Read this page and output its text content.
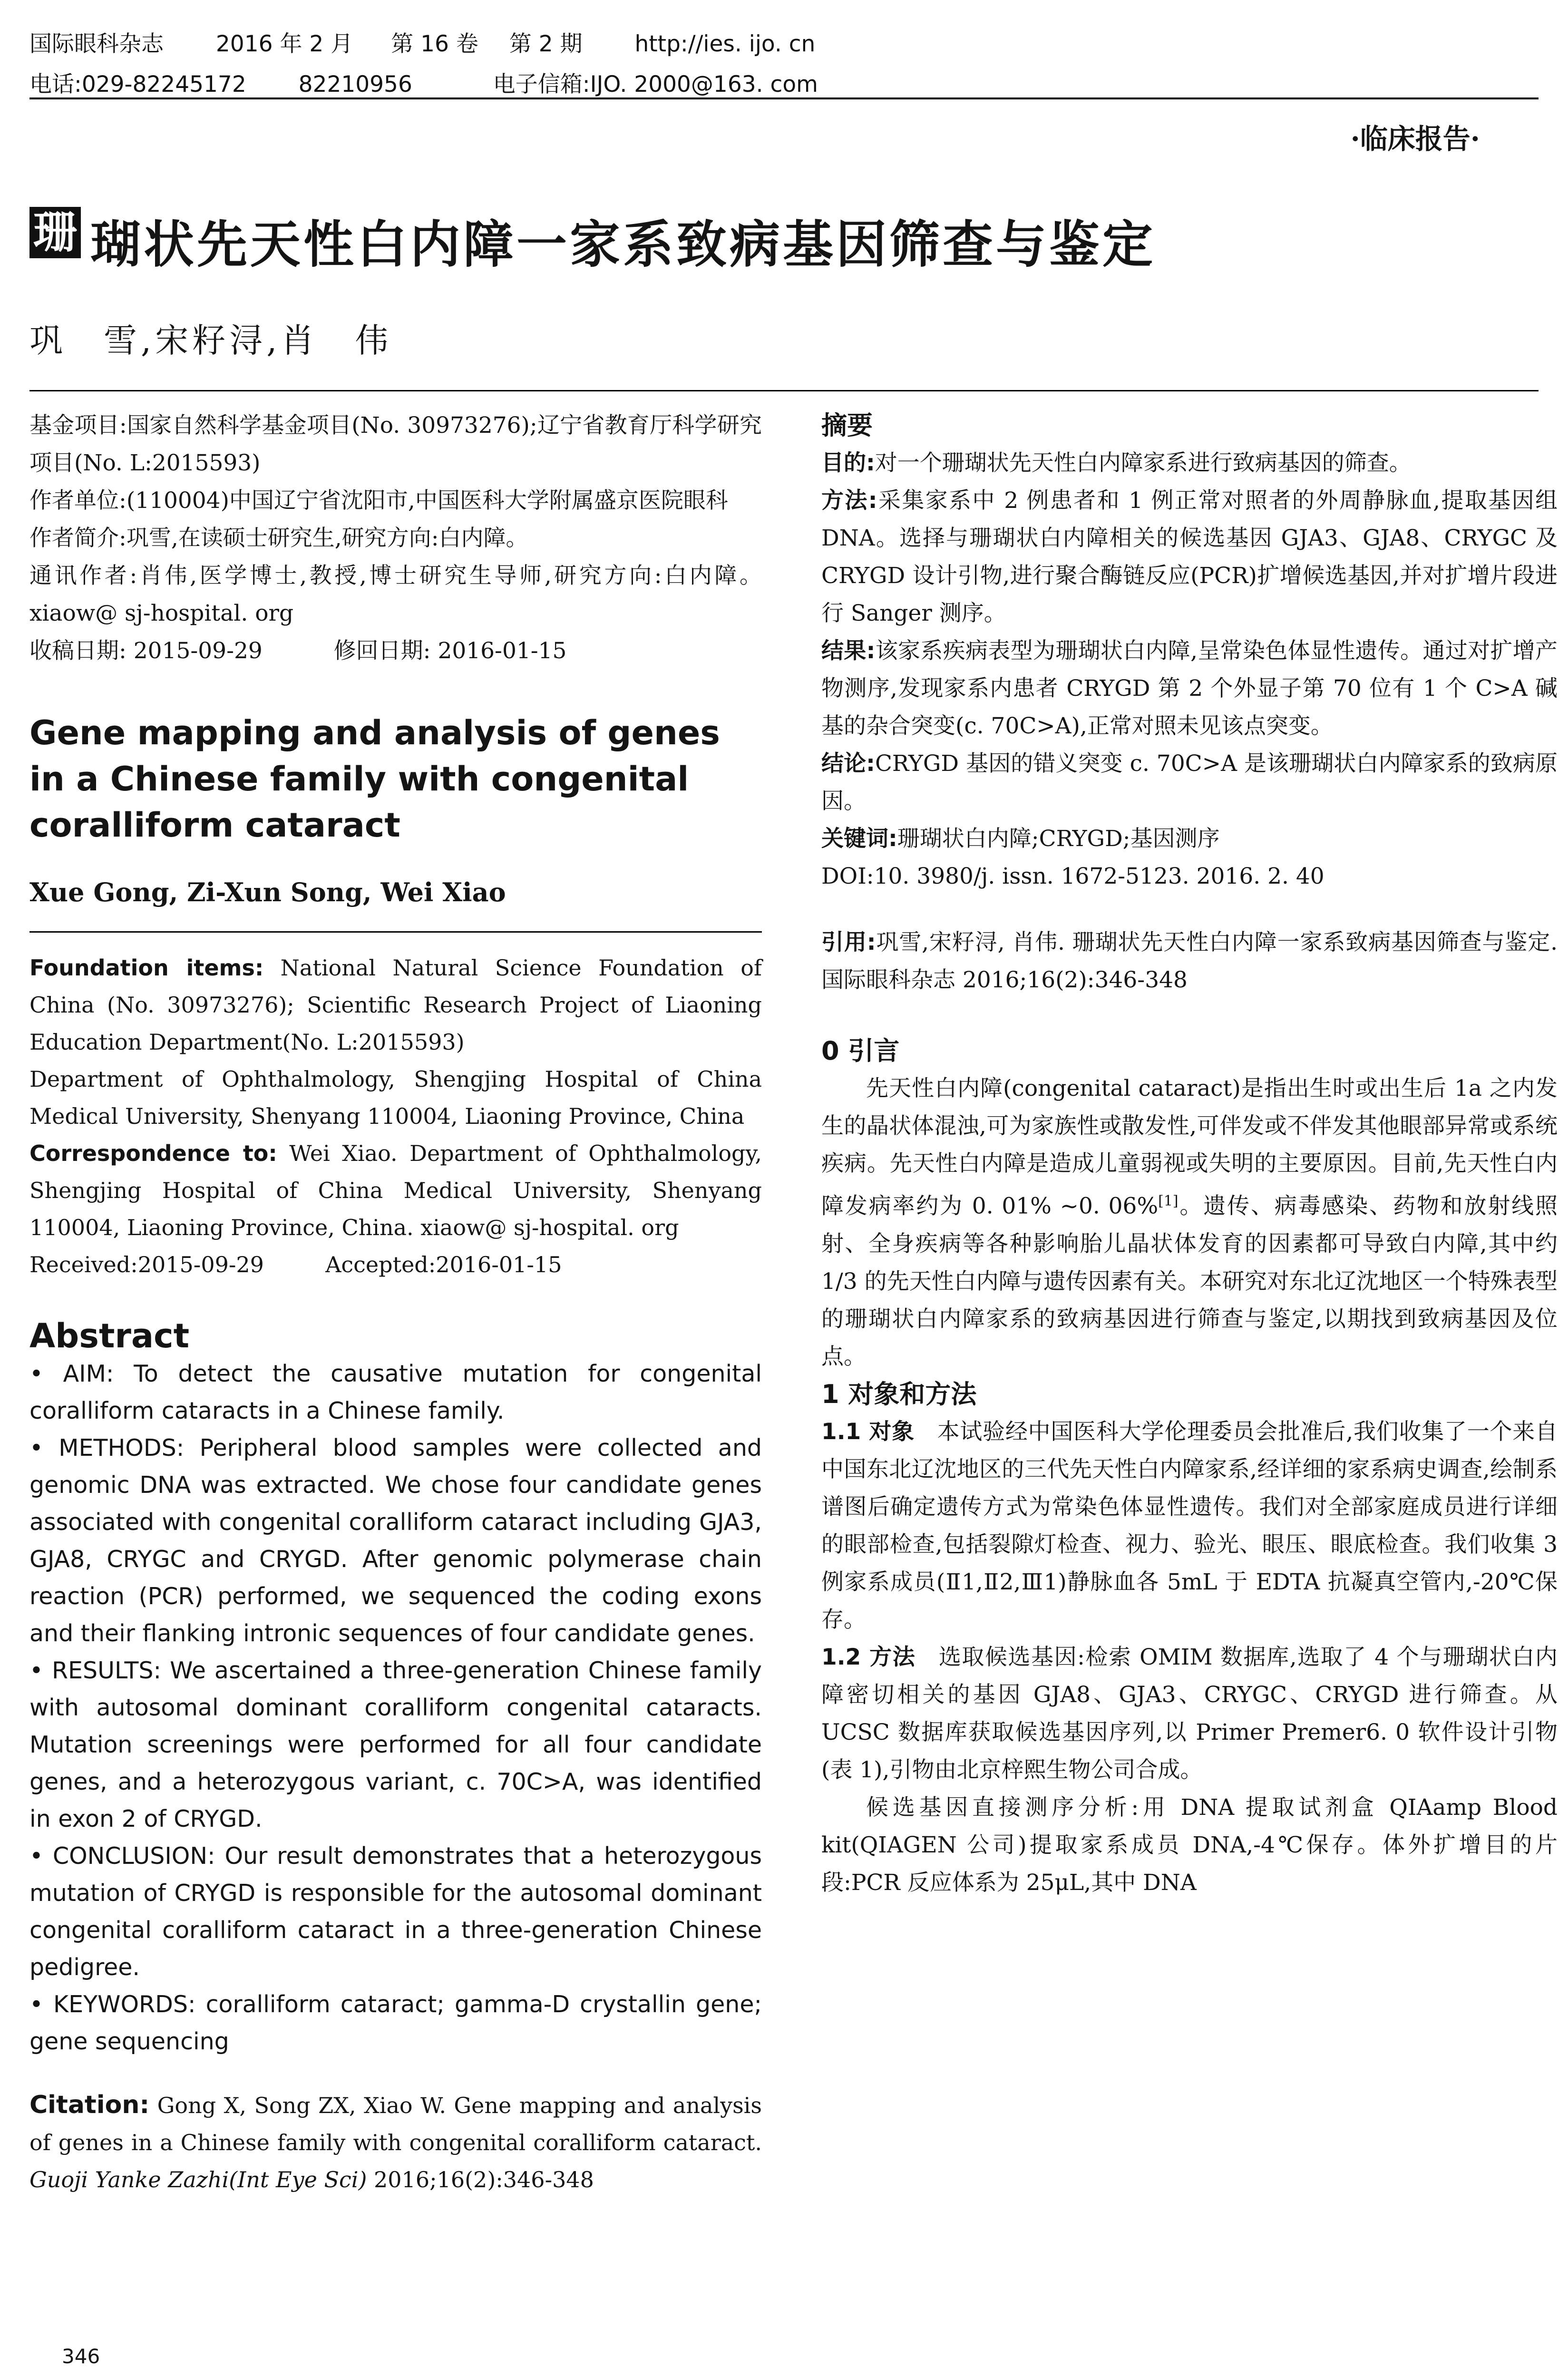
国际眼科杂志 2016 年 2 月 第 16 卷 第 2 期 http://ies. ijo. cn
电话:029-82245172 82210956	电子信箱:IJO. 2000@163. com
·临床报告·
珊 瑚状先天性白内障一家系致病基因筛查与鉴定
巩　雪,宋籽浔,肖　伟

基金项目:国家自然科学基金项目(No. 30973276);辽宁省教育厅科学研究项目(No. L:2015593)

作者单位:(110004)中国辽宁省沈阳市,中国医科大学附属盛京医院眼科

作者简介:巩雪,在读硕士研究生,研究方向:白内障。

通讯作者:肖伟,医学博士,教授,博士研究生导师,研究方向:白内障。xiaow@ sj-hospital. org

收稿日期: 2015-09-29	修回日期: 2016-01-15

Gene mapping and analysis of genes in a Chinese family with congenital coralliform cataract
Xue Gong, Zi-Xun Song, Wei Xiao

Foundation items: National Natural Science Foundation of China (No. 30973276); Scientific Research Project of Liaoning Education Department(No. L:2015593)

Department of Ophthalmology, Shengjing Hospital of China Medical University, Shenyang 110004, Liaoning Province, China

Correspondence to: Wei Xiao. Department of Ophthalmology, Shengjing Hospital of China Medical University, Shenyang 110004, Liaoning Province, China. xiaow@ sj-hospital. org

Received:2015-09-29	Accepted:2016-01-15

Abstract

• AIM: To detect the causative mutation for congenital coralliform cataracts in a Chinese family.

• METHODS: Peripheral blood samples were collected and genomic DNA was extracted. We chose four candidate genes associated with congenital coralliform cataract including GJA3, GJA8, CRYGC and CRYGD. After genomic polymerase chain reaction (PCR) performed, we sequenced the coding exons and their flanking intronic sequences of four candidate genes.

• RESULTS: We ascertained a three-generation Chinese family with autosomal dominant coralliform congenital cataracts. Mutation screenings were performed for all four candidate genes, and a heterozygous variant, c. 70C>A, was identified in exon 2 of CRYGD.

• CONCLUSION: Our result demonstrates that a heterozygous mutation of CRYGD is responsible for the autosomal dominant congenital coralliform cataract in a three-generation Chinese pedigree.

• KEYWORDS: coralliform cataract; gamma-D crystallin gene; gene sequencing

Citation: Gong X, Song ZX, Xiao W. Gene mapping and analysis of genes in a Chinese family with congenital coralliform cataract. Guoji Yanke Zazhi(Int Eye Sci) 2016;16(2):346-348

摘要

目的:对一个珊瑚状先天性白内障家系进行致病基因的筛查。

方法:采集家系中 2 例患者和 1 例正常对照者的外周静脉血,提取基因组 DNA。选择与珊瑚状白内障相关的候选基因 GJA3、GJA8、CRYGC 及 CRYGD 设计引物,进行聚合酶链反应(PCR)扩增候选基因,并对扩增片段进行 Sanger 测序。

结果:该家系疾病表型为珊瑚状白内障,呈常染色体显性遗传。通过对扩增产物测序,发现家系内患者 CRYGD 第 2 个外显子第 70 位有 1 个 C>A 碱基的杂合突变(c. 70C>A),正常对照未见该点突变。

结论:CRYGD 基因的错义突变 c. 70C>A 是该珊瑚状白内障家系的致病原因。

关键词:珊瑚状白内障;CRYGD;基因测序

DOI:10. 3980/j. issn. 1672-5123. 2016. 2. 40

引用:巩雪,宋籽浔, 肖伟. 珊瑚状先天性白内障一家系致病基因筛查与鉴定. 国际眼科杂志 2016;16(2):346-348

0 引言

先天性白内障(congenital cataract)是指出生时或出生后 1a 之内发生的晶状体混浊,可为家族性或散发性,可伴发或不伴发其他眼部异常或系统疾病。先天性白内障是造成儿童弱视或失明的主要原因。目前,先天性白内障发病率约为 0. 01% ~0. 06%[1]。遗传、病毒感染、药物和放射线照射、全身疾病等各种影响胎儿晶状体发育的因素都可导致白内障,其中约 1/3 的先天性白内障与遗传因素有关。本研究对东北辽沈地区一个特殊表型的珊瑚状白内障家系的致病基因进行筛查与鉴定,以期找到致病基因及位点。

1 对象和方法

1.1 对象　本试验经中国医科大学伦理委员会批准后,我们收集了一个来自中国东北辽沈地区的三代先天性白内障家系,经详细的家系病史调查,绘制系谱图后确定遗传方式为常染色体显性遗传。我们对全部家庭成员进行详细的眼部检查,包括裂隙灯检查、视力、验光、眼压、眼底检查。我们收集 3 例家系成员(Ⅱ1,Ⅱ2,Ⅲ1)静脉血各 5mL 于 EDTA 抗凝真空管内,-20℃保存。

1.2 方法　选取候选基因:检索 OMIM 数据库,选取了 4 个与珊瑚状白内障密切相关的基因 GJA8、GJA3、CRYGC、CRYGD 进行筛查。从 UCSC 数据库获取候选基因序列,以 Primer Premer6. 0 软件设计引物(表 1),引物由北京梓熙生物公司合成。

候选基因直接测序分析:用 DNA 提取试剂盒 QIAamp Blood kit(QIAGEN 公司)提取家系成员 DNA,-4℃保存。体外扩增目的片段:PCR 反应体系为 25μL,其中 DNA

346
